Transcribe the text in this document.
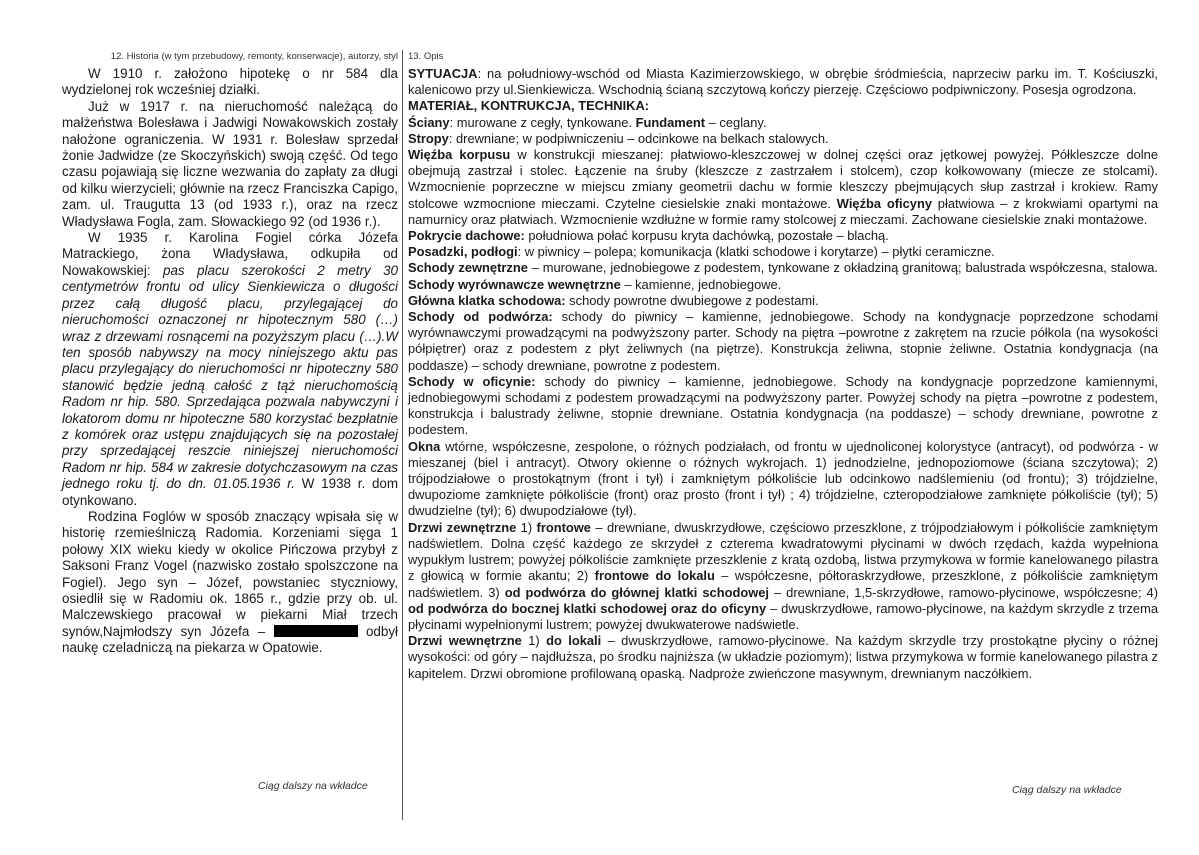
12. Historia (w tym przebudowy, remonty, konserwacje), autorzy, styl

W 1910 r. założono hipotekę o nr 584 dla wydzielonej rok wcześniej działki.

Już w 1917 r. na nieruchomość należącą do małżeństwa Bolesława i Jadwigi Nowakowskich zostały nałożone ograniczenia. W 1931 r. Bolesław sprzedał żonie Jadwidze (ze Skoczyńskich) swoją część. Od tego czasu pojawiają się liczne wezwania do zapłaty za długi od kilku wierzycieli; głównie na rzecz Franciszka Capigo, zam. ul. Traugutta 13 (od 1933 r.), oraz na rzecz Władysława Fogla, zam. Słowackiego 92 (od 1936 r.).

W 1935 r. Karolina Fogiel córka Józefa Matrackiego, żona Władysława, odkupiła od Nowakowskiej: pas placu szerokości 2 metry 30 centymetrów frontu od ulicy Sienkiewicza o długości przez całą długość placu, przylegającej do nieruchomości oznaczonej nr hipotecznym 580 (…) wraz z drzewami rosnącemi na pozyższym placu (…).W ten sposób nabywszy na mocy niniejszego aktu pas placu przylegający do nieruchomości nr hipoteczny 580 stanowić będzie jedną całość z tąż nieruchomością Radom nr hip. 580. Sprzedająca pozwala nabywczyni i lokatorom domu nr hipoteczne 580 korzystać bezpłatnie z komórek oraz ustępu znajdujących się na pozostałej przy sprzedającej reszcie niniejszej nieruchomości Radom nr hip. 584 w zakresie dotychczasowym na czas jednego roku tj. do dn. 01.05.1936 r. W 1938 r. dom otynkowano.

Rodzina Foglów w sposób znaczący wpisała się w historię rzemieślniczą Radomia. Korzeniami sięga 1 połowy XIX wieku kiedy w okolice Pińczowa przybył z Saksoni Franz Vogel (nazwisko zostało spolszczone na Fogiel). Jego syn – Józef, powstaniec styczniowy, osiedlił się w Radomiu ok. 1865 r., gdzie przy ob. ul. Malczewskiego pracował w piekarni Miał trzech synów,Najmłodszy syn Józefa –	odbył naukę czeladniczą na piekarza w Opatowie.

Ciąg dalszy na wkładce

13. Opis

SYTUACJA: na południowy-wschód od Miasta Kazimierzowskiego, w obrębie śródmieścia, naprzeciw parku im. T. Kościuszki, kalenicowo przy ul.Sienkiewicza. Wschodnią ścianą szczytową kończy pierzeję. Częściowo podpiwniczony. Posesja ogrodzona.

MATERIAŁ, KONTRUKCJA, TECHNIKA:

Ściany: murowane z cegły, tynkowane. Fundament – ceglany.

Stropy: drewniane; w podpiwniczeniu – odcinkowe na belkach stalowych.

Więźba korpusu w konstrukcji mieszanej: płatwiowo-kleszczowej w dolnej części oraz jętkowej powyżej. Półkleszcze dolne obejmują zastrzał i stolec. Łączenie na śruby (kleszcze z zastrzałem i stolcem), czop kołkowowany (miecze ze stolcami). Wzmocnienie poprzeczne w miejscu zmiany geometrii dachu w formie kleszczy pbejmujących słup zastrzał i krokiew. Ramy stolcowe wzmocnione mieczami. Czytelne ciesielskie znaki montażowe. Więźba oficyny płatwiowa – z krokwiami opartymi na namurnicy oraz płatwiach. Wzmocnienie wzdłużne w formie ramy stolcowej z mieczami. Zachowane ciesielskie znaki montażowe.

Pokrycie dachowe: południowa połać korpusu kryta dachówką, pozostałe – blachą.

Posadzki, podłogi: w piwnicy – polepa; komunikacja (klatki schodowe i korytarze) – płytki ceramiczne.

Schody zewnętrzne – murowane, jednobiegowe z podestem, tynkowane z okładziną granitową; balustrada współczesna, stalowa. Schody wyrównawcze wewnętrzne – kamienne, jednobiegowe.

Główna klatka schodowa: schody powrotne dwubiegowe z podestami.

Schody od podwórza: schody do piwnicy – kamienne, jednobiegowe. Schody na kondygnacje poprzedzone schodami wyrównawczymi prowadzącymi na podwyższony parter. Schody na piętra –powrotne z zakrętem na rzucie półkola (na wysokości półpiętrer) oraz z podestem z płyt żeliwnych (na piętrze). Konstrukcja żeliwna, stopnie żeliwne. Ostatnia kondygnacja (na poddasze) – schody drewniane, powrotne z podestem.

Schody w oficynie: schody do piwnicy – kamienne, jednobiegowe. Schody na kondygnacje poprzedzone kamiennymi, jednobiegowymi schodami z podestem prowadzącymi na podwyższony parter. Powyżej schody na piętra –powrotne z podestem, konstrukcja i balustrady żeliwne, stopnie drewniane. Ostatnia kondygnacja (na poddasze) – schody drewniane, powrotne z podestem.

Okna wtórne, współczesne, zespolone, o różnych podziałach, od frontu w ujednoliconej kolorystyce (antracyt), od podwórza - w mieszanej (biel i antracyt). Otwory okienne o różnych wykrojach. 1) jednodzielne, jednopoziomowe (ściana szczytowa); 2) trójpodziałowe o prostokątnym (front i tył) i zamkniętym półkoliście lub odcinkowo nadślemieniu (od frontu); 3) trójdzielne, dwupoziome zamknięte półkoliście (front) oraz prosto (front i tył) ; 4) trójdzielne, czteropodziałowe zamknięte półkoliście (tył); 5) dwudzielne (tył); 6) dwupodziałowe (tył).

Drzwi zewnętrzne 1) frontowe – drewniane, dwuskrzydłowe, częściowo przeszklone, z trójpodziałowym i półkoliście zamkniętym nadświetlem. Dolna część każdego ze skrzydeł z czterema kwadratowymi płycinami w dwóch rzędach, każda wypełniona wypukłym lustrem; powyżej półkoliście zamknięte przeszklenie z kratą ozdobą, listwa przymykowa w formie kanelowanego pilastra z głowicą w formie akantu; 2) frontowe do lokalu – współczesne, półtoraskrzydłowe, przeszklone, z półkoliście zamkniętym nadświetlem. 3) od podwórza do głównej klatki schodowej – drewniane, 1,5-skrzydłowe, ramowo-płycinowe, współczesne; 4) od podwórza do bocznej klatki schodowej oraz do oficyny – dwuskrzydłowe, ramowo-płycinowe, na każdym skrzydle z trzema płycinami wypełnionymi lustrem; powyżej dwukwaterowe nadświetle.

Drzwi wewnętrzne 1) do lokali – dwuskrzydłowe, ramowo-płycinowe. Na każdym skrzydle trzy prostokątne płyciny o różnej wysokości: od góry – najdłuższa, po środku najniższa (w układzie poziomym); listwa przymykowa w formie kanelowanego pilastra z kapitelem. Drzwi obromione profilowaną opaską. Nadproże zwieńczone masywnym, drewnianym naczółkiem.

Ciąg dalszy na wkładce
